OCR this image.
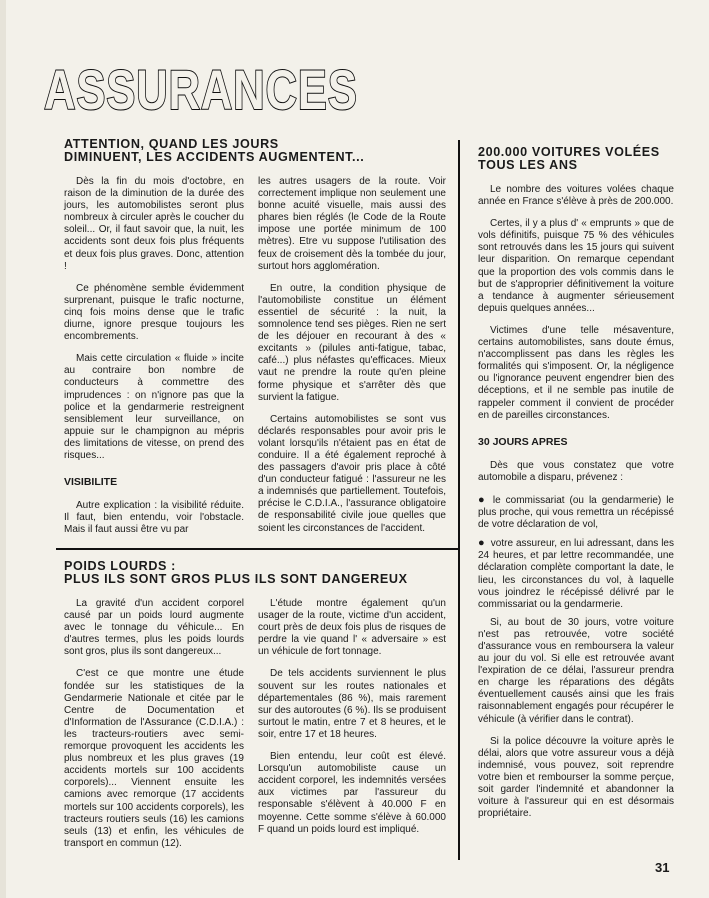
ASSURANCES
ATTENTION, QUAND LES JOURS
DIMINUENT, LES ACCIDENTS AUGMENTENT...

Dès la fin du mois d'octobre, en raison de la diminution de la durée des jours, les automobilistes seront plus nombreux à circuler après le coucher du soleil... Or, il faut savoir que, la nuit, les accidents sont deux fois plus fréquents et deux fois plus graves. Donc, attention !

Ce phénomène semble évidemment surprenant, puisque le trafic nocturne, cinq fois moins dense que le trafic diurne, ignore presque toujours les encombrements.

Mais cette circulation « fluide » incite au contraire bon nombre de conducteurs à commettre des imprudences : on n'ignore pas que la police et la gendarmerie restreignent sensiblement leur surveillance, on appuie sur le champignon au mépris des limitations de vitesse, on prend des risques...

VISIBILITE

Autre explication : la visibilité réduite. Il faut, bien entendu, voir l'obstacle. Mais il faut aussi être vu par

les autres usagers de la route. Voir correctement implique non seulement une bonne acuité visuelle, mais aussi des phares bien réglés (le Code de la Route impose une portée minimum de 100 mètres). Etre vu suppose l'utilisation des feux de croisement dès la tombée du jour, surtout hors agglomération.

En outre, la condition physique de l'automobiliste constitue un élément essentiel de sécurité : la nuit, la somnolence tend ses pièges. Rien ne sert de les déjouer en recourant à des « excitants » (pilules anti-fatigue, tabac, café...) plus néfastes qu'efficaces. Mieux vaut ne prendre la route qu'en pleine forme physique et s'arrêter dès que survient la fatigue.

Certains automobilistes se sont vus déclarés responsables pour avoir pris le volant lorsqu'ils n'étaient pas en état de conduire. Il a été également reproché à des passagers d'avoir pris place à côté d'un conducteur fatigué : l'assureur ne les a indemnisés que partiellement. Toutefois, précise le C.D.I.A., l'assurance obligatoire de responsabilité civile joue quelles que soient les circonstances de l'accident.

POIDS LOURDS :
PLUS ILS SONT GROS PLUS ILS SONT DANGEREUX

La gravité d'un accident corporel causé par un poids lourd augmente avec le tonnage du véhicule... En d'autres termes, plus les poids lourds sont gros, plus ils sont dangereux...

C'est ce que montre une étude fondée sur les statistiques de la Gendarmerie Nationale et citée par le Centre de Documentation et d'Information de l'Assurance (C.D.I.A.) : les tracteurs-routiers avec semi-remorque provoquent les accidents les plus nombreux et les plus graves (19 accidents mortels sur 100 accidents corporels)... Viennent ensuite les camions avec remorque (17 accidents mortels sur 100 accidents corporels), les tracteurs routiers seuls (16) les camions seuls (13) et enfin, les véhicules de transport en commun (12).

L'étude montre également qu'un usager de la route, victime d'un accident, court près de deux fois plus de risques de perdre la vie quand l' « adversaire » est un véhicule de fort tonnage.

De tels accidents surviennent le plus souvent sur les routes nationales et départementales (86 %), mais rarement sur des autoroutes (6 %). Ils se produisent surtout le matin, entre 7 et 8 heures, et le soir, entre 17 et 18 heures.

Bien entendu, leur coût est élevé. Lorsqu'un automobiliste cause un accident corporel, les indemnités versées aux victimes par l'assureur du responsable s'élèvent à 40.000 F en moyenne. Cette somme s'élève à 60.000 F quand un poids lourd est impliqué.

200.000 VOITURES VOLÉES
TOUS LES ANS

Le nombre des voitures volées chaque année en France s'élève à près de 200.000.

Certes, il y a plus d' « emprunts » que de vols définitifs, puisque 75 % des véhicules sont retrouvés dans les 15 jours qui suivent leur disparition. On remarque cependant que la proportion des vols commis dans le but de s'approprier définitivement la voiture a tendance à augmenter sérieusement depuis quelques années...

Victimes d'une telle mésaventure, certains automobilistes, sans doute émus, n'accomplissent pas dans les règles les formalités qui s'imposent. Or, la négligence ou l'ignorance peuvent engendrer bien des déceptions, et il ne semble pas inutile de rappeler comment il convient de procéder en de pareilles circonstances.

30 JOURS APRES

Dès que vous constatez que votre automobile a disparu, prévenez :

● le commissariat (ou la gendarmerie) le plus proche, qui vous remettra un récépissé de votre déclaration de vol,

● votre assureur, en lui adressant, dans les 24 heures, et par lettre recommandée, une déclaration complète comportant la date, le lieu, les circonstances du vol, à laquelle vous joindrez le récépissé délivré par le commissariat ou la gendarmerie.

Si, au bout de 30 jours, votre voiture n'est pas retrouvée, votre société d'assurance vous en remboursera la valeur au jour du vol. Si elle est retrouvée avant l'expiration de ce délai, l'assureur prendra en charge les réparations des dégâts éventuellement causés ainsi que les frais raisonnablement engagés pour récupérer le véhicule (à vérifier dans le contrat).

Si la police découvre la voiture après le délai, alors que votre assureur vous a déjà indemnisé, vous pouvez, soit reprendre votre bien et rembourser la somme perçue, soit garder l'indemnité et abandonner la voiture à l'assureur qui en est désormais propriétaire.

31
